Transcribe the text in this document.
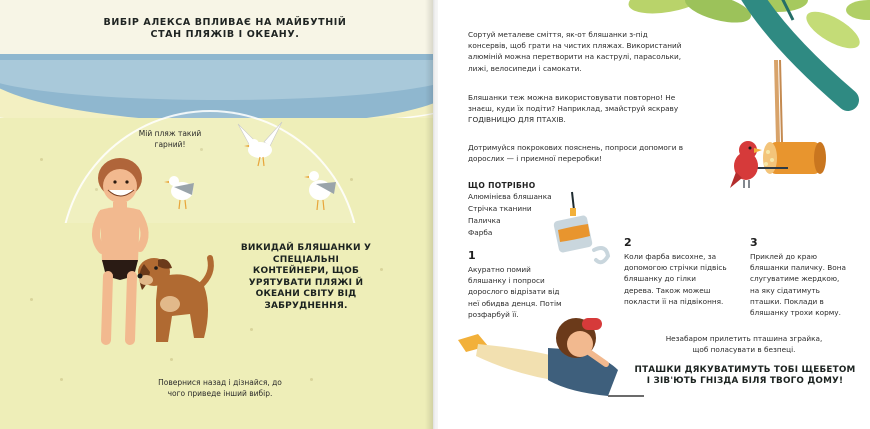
ВИБІР АЛЕКСА ВПЛИВАЄ НА МАЙБУТНІЙ СТАН ПЛЯЖІВ І ОКЕАНУ.
Мій пляж такий гарний!
ВИКИДАЙ БЛЯШАНКИ У СПЕЦІАЛЬНІ КОНТЕЙНЕРИ, ЩОБ УРЯТУВАТИ ПЛЯЖІ Й ОКЕАНИ СВІТУ ВІД ЗАБРУДНЕННЯ.
Повернися назад і дізнайся, до чого приведе інший вибір.
Сортуй металеве сміття, як-от бляшанки з-під консервів, щоб грати на чистих пляжах. Використаний алюміній можна перетворити на каструлі, парасольки, лижі, велосипеди і самокати.
Бляшанки теж можна використовувати повторно! Не знаєш, куди їх подіти? Наприклад, змайструй яскраву ГОДІВНИЦЮ ДЛЯ ПТАХІВ.
Дотримуйся покрокових пояснень, попроси допомоги в дорослих — і приємної переробки!
ЩО ПОТРІБНО
Алюмінієва бляшанка
Стрічка тканини
Паличка
Фарба
1
Акуратно помий бляшанку і попроси дорослого відрізати від неї обидва денця. Потім розфарбуй її.
2
Коли фарба висохне, за допомогою стрічки підвісь бляшанку до гілки дерева. Також можеш покласти її на підвіконня.
3
Приклей до краю бляшанки паличку. Вона слугуватиме жердкою, на яку сідатимуть пташки. Поклади в бляшанку трохи корму.
Незабаром прилетить пташина зграйка, щоб поласувати в безпеці.
ПТАШКИ ДЯКУВАТИМУТЬ ТОБІ ЩЕБЕТОМ І ЗІВ'ЮТЬ ГНІЗДА БІЛЯ ТВОГО ДОМУ!
